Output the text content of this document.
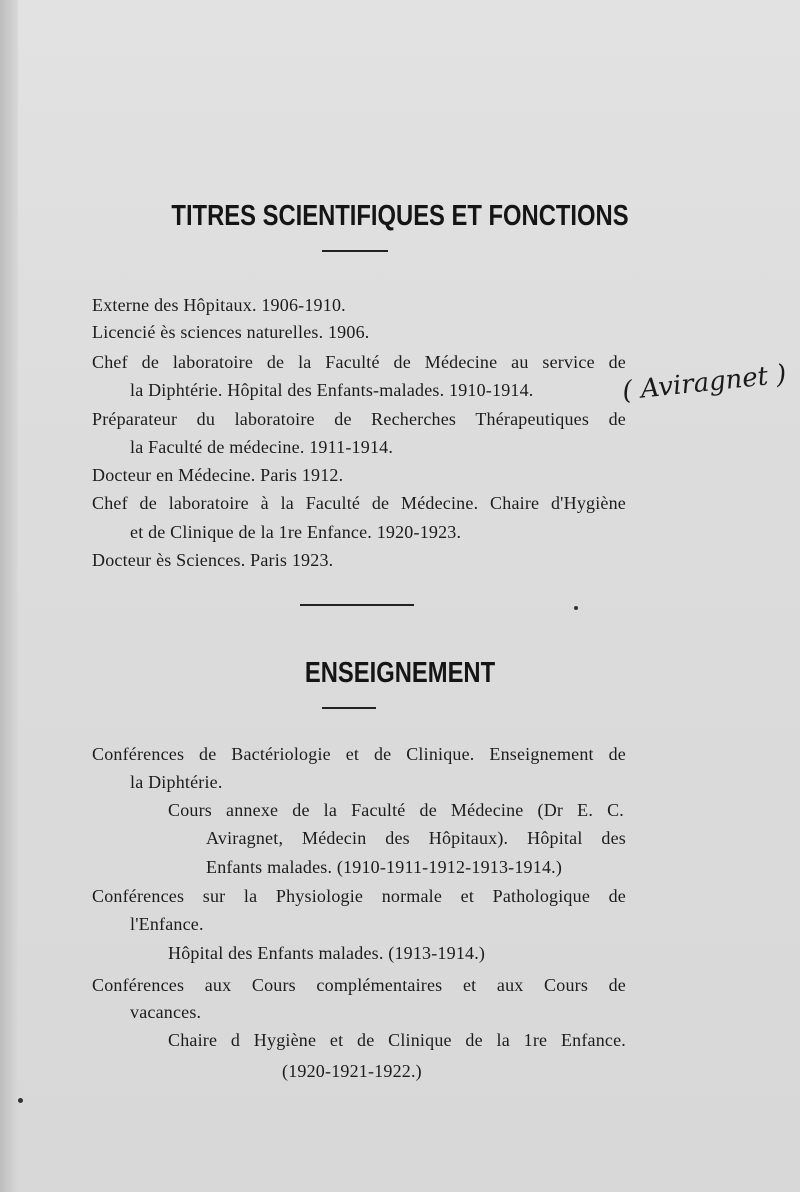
TITRES SCIENTIFIQUES ET FONCTIONS
Externe des Hôpitaux. 1906-1910.
Licencié ès sciences naturelles. 1906.
Chef de laboratoire de la Faculté de Médecine au service de
la Diphtérie. Hôpital des Enfants-malades. 1910-1914.
Préparateur du laboratoire de Recherches Thérapeutiques de
la Faculté de médecine. 1911-1914.
Docteur en Médecine. Paris 1912.
Chef de laboratoire à la Faculté de Médecine. Chaire d'Hygiène
et de Clinique de la 1re Enfance. 1920-1923.
Docteur ès Sciences. Paris 1923.
( Aviragnet )
ENSEIGNEMENT
Conférences de Bactériologie et de Clinique. Enseignement de
la Diphtérie.
Cours annexe de la Faculté de Médecine (Dr E. C.
Aviragnet, Médecin des Hôpitaux). Hôpital des
Enfants malades. (1910-1911-1912-1913-1914.)
Conférences sur la Physiologie normale et Pathologique de
l'Enfance.
Hôpital des Enfants malades. (1913-1914.)
Conférences aux Cours complémentaires et aux Cours de
vacances.
Chaire d Hygiène et de Clinique de la 1re Enfance.
(1920-1921-1922.)
